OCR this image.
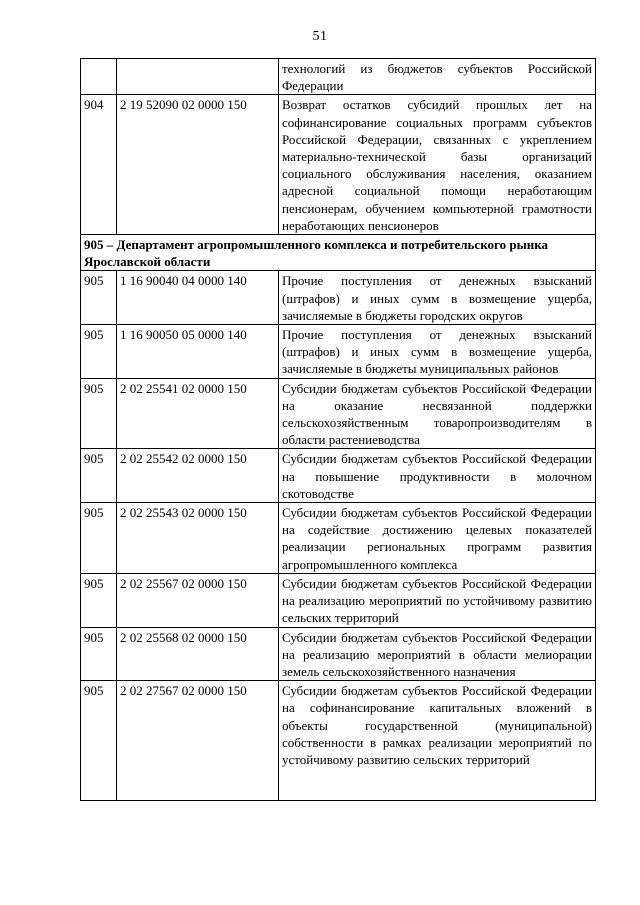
51
		технологий из бюджетов субъектов Российской Федерации
904	2 19 52090 02 0000 150	Возврат остатков субсидий прошлых лет на софинансирование социальных программ субъектов Российской Федерации, связанных с укреплением материально-технической базы организаций социального обслуживания населения, оказанием адресной социальной помощи неработающим пенсионерам, обучением компьютерной грамотности неработающих пенсионеров
905 – Департамент агропромышленного комплекса и потребительского рынка Ярославской области		
905	1 16 90040 04 0000 140	Прочие поступления от денежных взысканий (штрафов) и иных сумм в возмещение ущерба, зачисляемые в бюджеты городских округов
905	1 16 90050 05 0000 140	Прочие поступления от денежных взысканий (штрафов) и иных сумм в возмещение ущерба, зачисляемые в бюджеты муниципальных районов
905	2 02 25541 02 0000 150	Субсидии бюджетам субъектов Российской Федерации на оказание несвязанной поддержки сельскохозяйственным товаропроизводителям в области растениеводства
905	2 02 25542 02 0000 150	Субсидии бюджетам субъектов Российской Федерации на повышение продуктивности в молочном скотоводстве
905	2 02 25543 02 0000 150	Субсидии бюджетам субъектов Российской Федерации на содействие достижению целевых показателей реализации региональных программ развития агропромышленного комплекса
905	2 02 25567 02 0000 150	Субсидии бюджетам субъектов Российской Федерации на реализацию мероприятий по устойчивому развитию сельских территорий
905	2 02 25568 02 0000 150	Субсидии бюджетам субъектов Российской Федерации на реализацию мероприятий в области мелиорации земель сельскохозяйственного назначения
905	2 02 27567 02 0000 150	Субсидии бюджетам субъектов Российской Федерации на софинансирование капитальных вложений в объекты государственной (муниципальной) собственности в рамках реализации мероприятий по устойчивому развитию сельских территорий
